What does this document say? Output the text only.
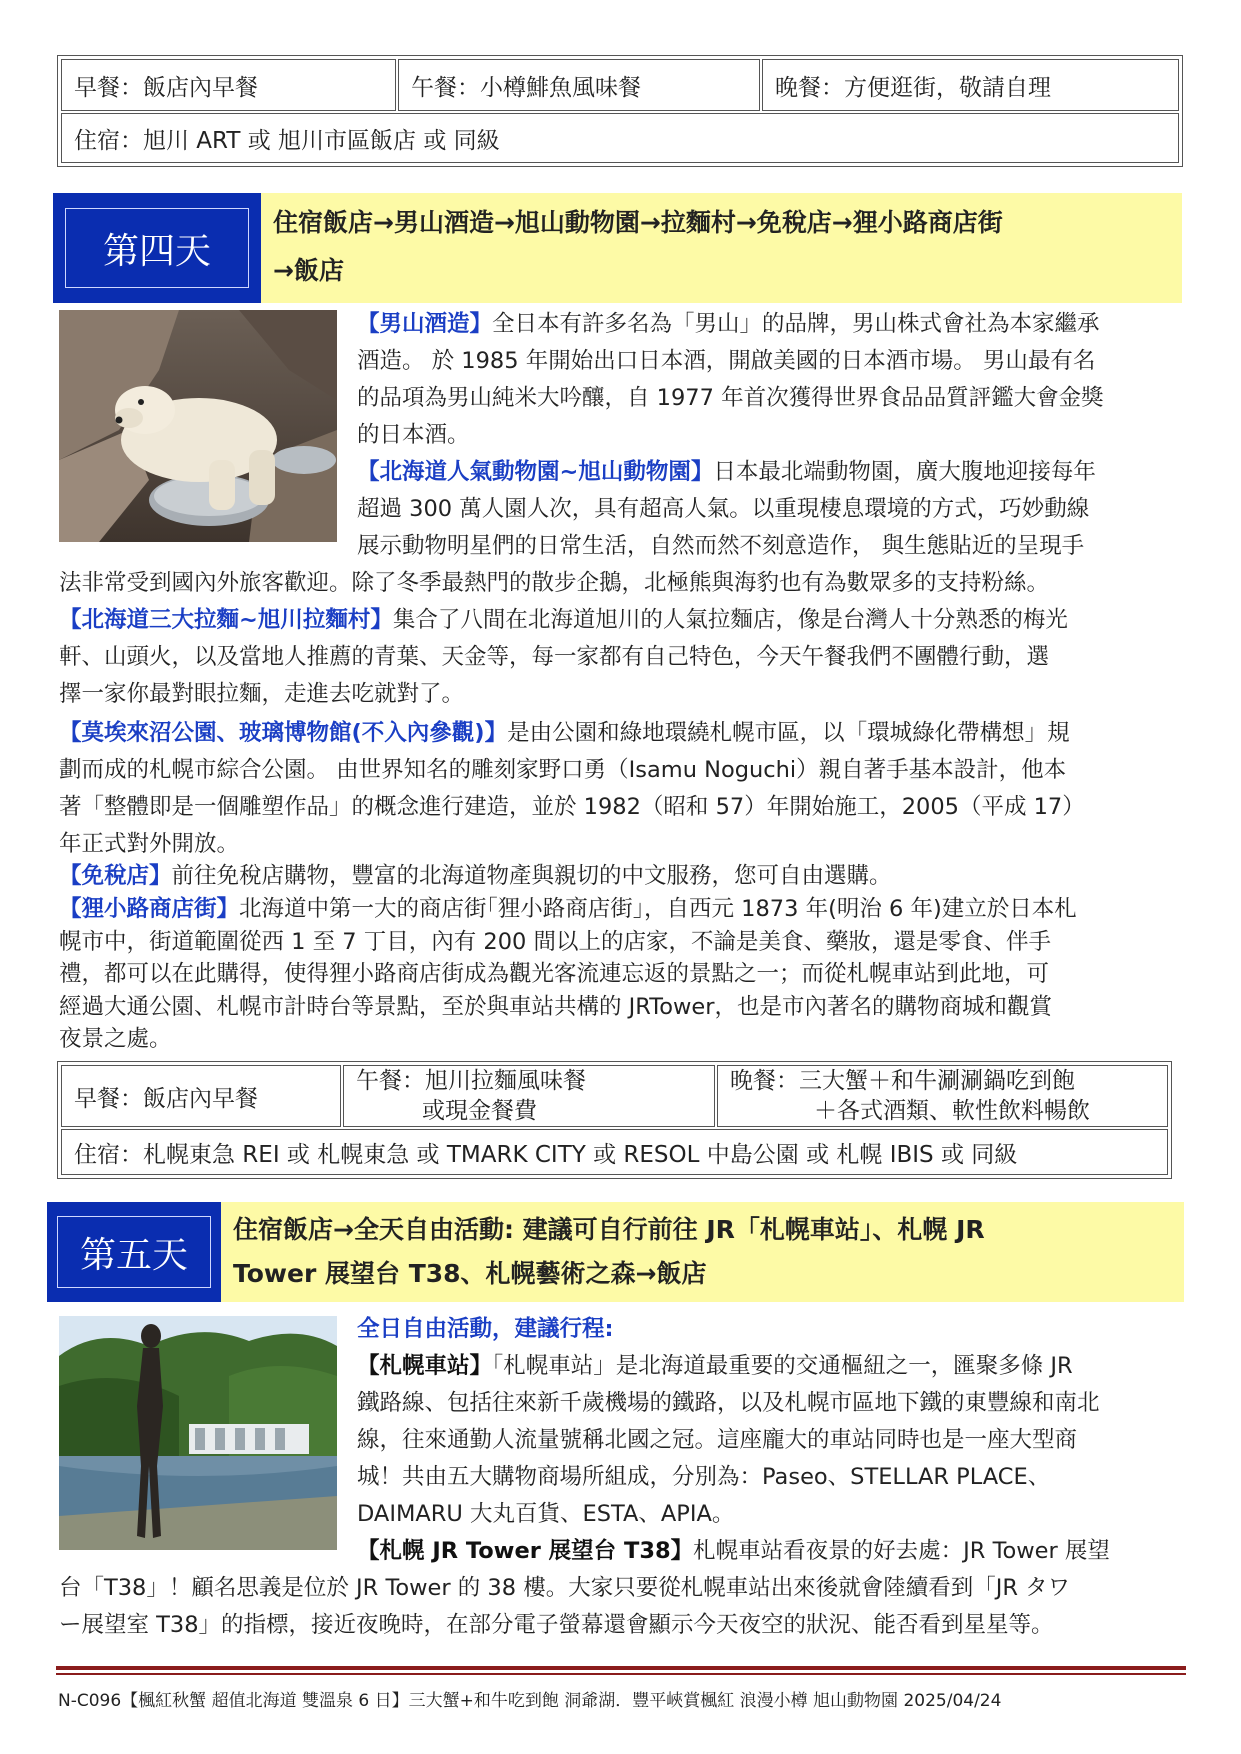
早餐：飯店內早餐	午餐：小樽鯡魚風味餐	晚餐：方便逛街，敬請自理
住宿：旭川 ART 或 旭川市區飯店 或 同級
第四天
住宿飯店→男山酒造→旭山動物園→拉麵村→免稅店→狸小路商店街
→飯店
【男山酒造】全日本有許多名為「男山」的品牌，男山株式會社為本家繼承
酒造。 於 1985 年開始出口日本酒，開啟美國的日本酒市場。 男山最有名
的品項為男山純米大吟釀，自 1977 年首次獲得世界食品品質評鑑大會金獎
的日本酒。
【北海道人氣動物園~旭山動物園】日本最北端動物園，廣大腹地迎接每年
超過 300 萬人園人次，具有超高人氣。以重現棲息環境的方式，巧妙動線
展示動物明星們的日常生活，自然而然不刻意造作， 與生態貼近的呈現手
法非常受到國內外旅客歡迎。除了冬季最熱門的散步企鵝，北極熊與海豹也有為數眾多的支持粉絲。
【北海道三大拉麵~旭川拉麵村】集合了八間在北海道旭川的人氣拉麵店，像是台灣人十分熟悉的梅光
軒、山頭火，以及當地人推薦的青葉、天金等，每一家都有自己特色，今天午餐我們不團體行動，選
擇一家你最對眼拉麵，走進去吃就對了。
【莫埃來沼公園、玻璃博物館(不入內參觀)】是由公園和綠地環繞札幌市區，以「環城綠化帶構想」規
劃而成的札幌市綜合公園。 由世界知名的雕刻家野口勇（Isamu Noguchi）親自著手基本設計，他本
著「整體即是一個雕塑作品」的概念進行建造，並於 1982（昭和 57）年開始施工，2005（平成 17）
年正式對外開放。
【免稅店】前往免稅店購物，豐富的北海道物產與親切的中文服務，您可自由選購。
【狸小路商店街】北海道中第一大的商店街｢狸小路商店街｣，自西元 1873 年(明治 6 年)建立於日本札
幌市中，街道範圍從西 1 至 7 丁目，內有 200 間以上的店家，不論是美食、藥妝，還是零食、伴手
禮，都可以在此購得，使得狸小路商店街成為觀光客流連忘返的景點之一；而從札幌車站到此地，可
經過大通公園、札幌市計時台等景點，至於與車站共構的 JRTower，也是市內著名的購物商城和觀賞
夜景之處。
早餐：飯店內早餐
午餐：旭川拉麵風味餐
或現金餐費
晚餐：三大蟹＋和牛涮涮鍋吃到飽
＋各式酒類、軟性飲料暢飲
住宿：札幌東急 REI 或 札幌東急 或 TMARK CITY 或 RESOL 中島公園 或 札幌 IBIS 或 同級
第五天
住宿飯店→全天自由活動: 建議可自行前往 JR「札幌車站」、札幌 JR
Tower 展望台 T38、札幌藝術之森→飯店
全日自由活動，建議行程:
【札幌車站】「札幌車站」是北海道最重要的交通樞紐之一，匯聚多條 JR
鐵路線、包括往來新千歲機場的鐵路，以及札幌市區地下鐵的東豐線和南北
線，往來通勤人流量號稱北國之冠。這座龐大的車站同時也是一座大型商
城！共由五大購物商場所組成，分別為：Paseo、STELLAR PLACE、
DAIMARU 大丸百貨、ESTA、APIA。
【札幌 JR Tower 展望台 T38】札幌車站看夜景的好去處：JR Tower 展望
台「T38」！顧名思義是位於 JR Tower 的 38 樓。大家只要從札幌車站出來後就會陸續看到「JR タワ
ー展望室 T38」的指標，接近夜晚時，在部分電子螢幕還會顯示今天夜空的狀況、能否看到星星等。
N-C096【楓紅秋蟹 超值北海道 雙溫泉 6 日】三大蟹+和牛吃到飽 洞爺湖．豐平峽賞楓紅 浪漫小樽 旭山動物園 2025/04/24
